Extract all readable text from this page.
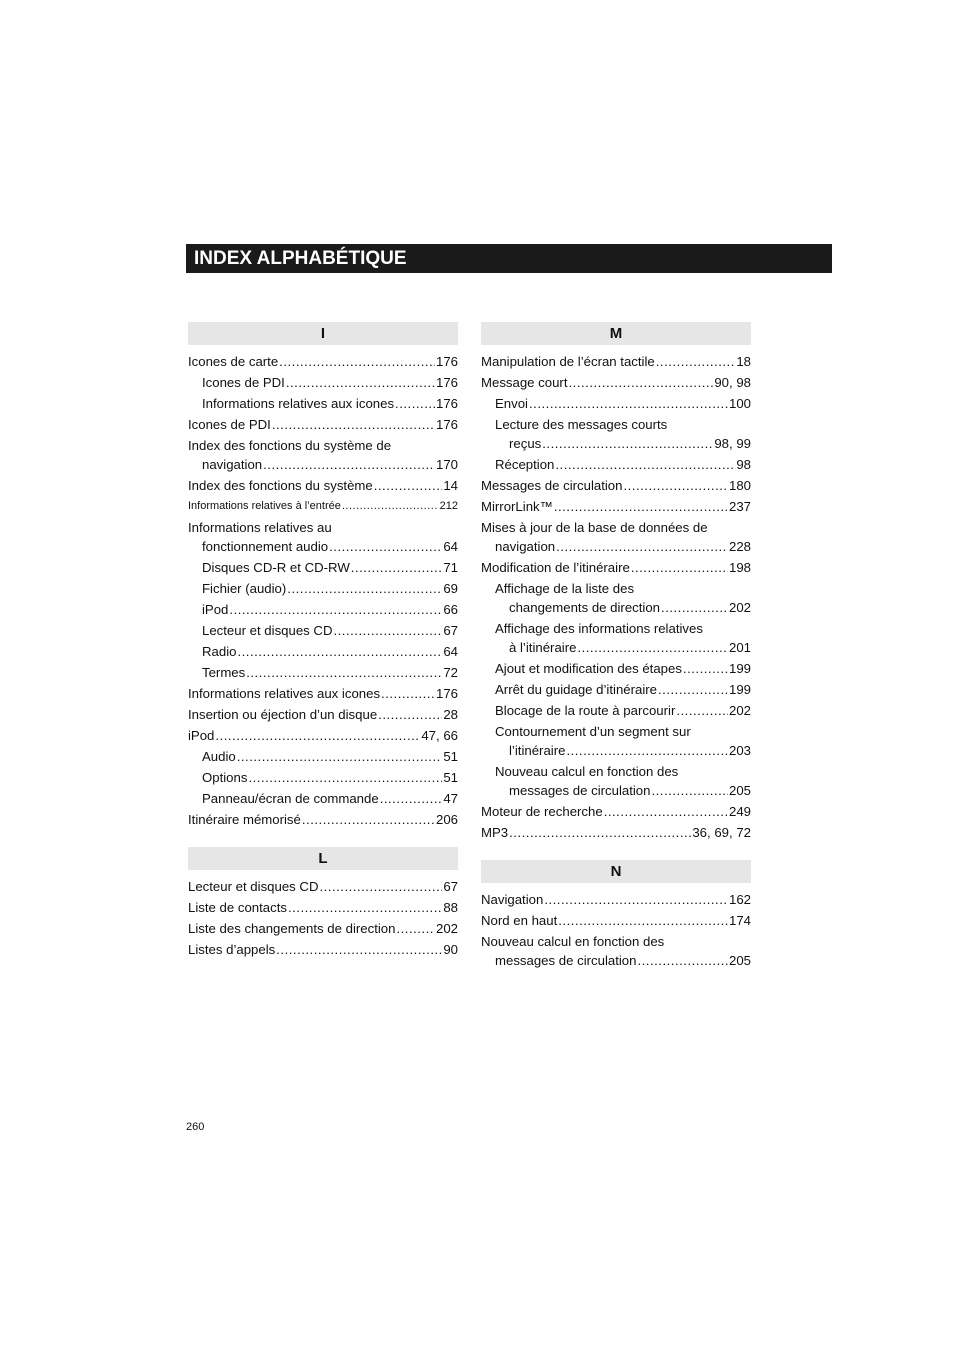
INDEX ALPHABÉTIQUE
I
Icones de carte .....	176
Icones de PDI .....	176
Informations relatives aux icones .....	176
Icones de PDI .....	176
Index des fonctions du système de
navigation .....	170
Index des fonctions du système .....	14
Informations relatives à l’entrée .....	212
Informations relatives au
fonctionnement audio .....	64
Disques CD-R et CD-RW .....	71
Fichier (audio) .....	69
iPod .....	66
Lecteur et disques CD .....	67
Radio .....	64
Termes .....	72
Informations relatives aux icones .....	176
Insertion ou éjection d’un disque .....	28
iPod .....	47, 66
Audio .....	51
Options .....	51
Panneau/écran de commande .....	47
Itinéraire mémorisé .....	206
L
Lecteur et disques CD .....	67
Liste de contacts .....	88
Liste des changements de direction .....	202
Listes d’appels .....	90
M
Manipulation de l’écran tactile .....	18
Message court .....	90, 98
Envoi .....	100
Lecture des messages courts
reçus .....	98, 99
Réception .....	98
Messages de circulation .....	180
MirrorLink™ .....	237
Mises à jour de la base de données de
navigation .....	228
Modification de l’itinéraire .....	198
Affichage de la liste des
changements de direction .....	202
Affichage des informations relatives
à l’itinéraire .....	201
Ajout et modification des étapes .....	199
Arrêt du guidage d’itinéraire .....	199
Blocage de la route à parcourir .....	202
Contournement d’un segment sur
l’itinéraire .....	203
Nouveau calcul en fonction des
messages de circulation .....	205
Moteur de recherche .....	249
MP3 .....	36, 69, 72
N
Navigation .....	162
Nord en haut .....	174
Nouveau calcul en fonction des
messages de circulation .....	205
260
